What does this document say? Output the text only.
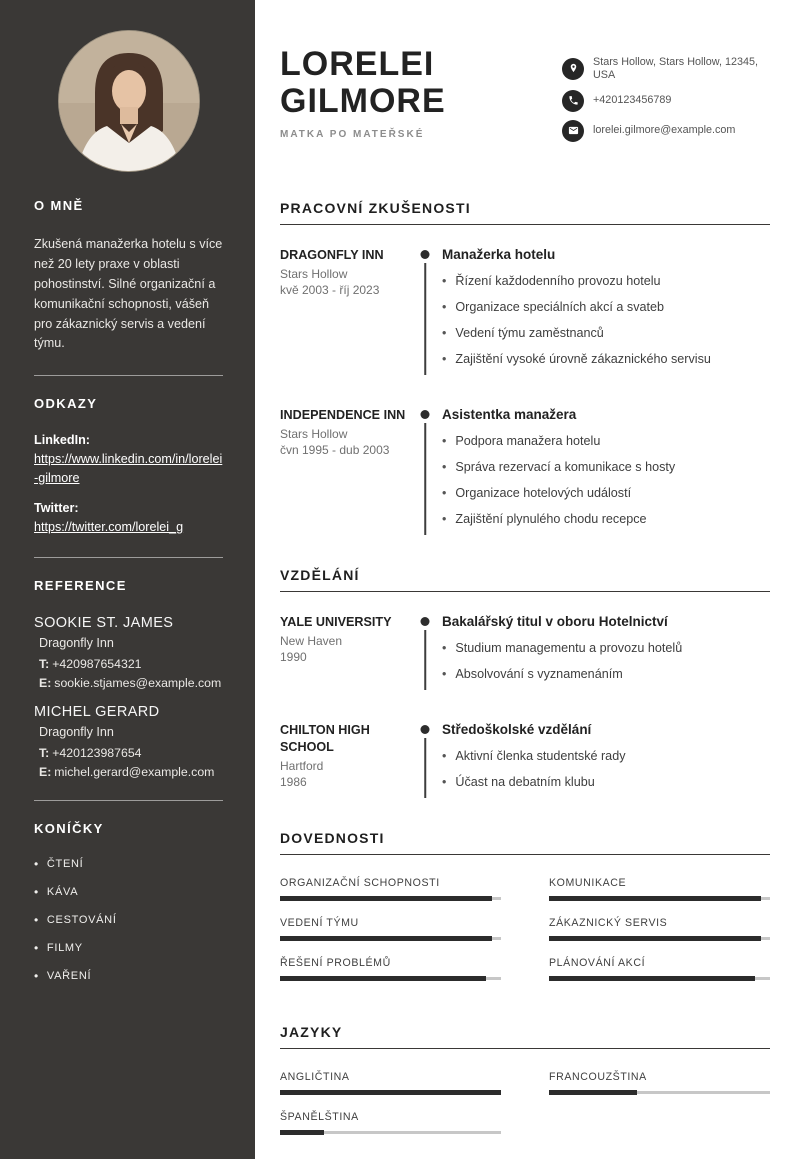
O MNĚ

Zkušená manažerka hotelu s více než 20 lety praxe v oblasti pohostinství. Silné organizační a komunikační schopnosti, vášeň pro zákaznický servis a vedení týmu.

ODKAZY
LinkedIn:
https://www.linkedin.com/in/lorelei-gilmore
Twitter:
https://twitter.com/lorelei_g
REFERENCE
SOOKIE ST. JAMES
Dragonfly Inn
T: +420987654321
E: sookie.stjames@example.com
MICHEL GERARD
Dragonfly Inn
T: +420123987654
E: michel.gerard@example.com
KONÍČKY
• ČTENÍ
• KÁVA
• CESTOVÁNÍ
• FILMY
• VAŘENÍ
LORELEI
GILMORE
MATKA PO MATEŘSKÉ
Stars Hollow, Stars Hollow, 12345, USA
+420123456789
lorelei.gilmore@example.com
PRACOVNÍ ZKUŠENOSTI
DRAGONFLY INN
Stars Hollow
kvě 2003 - říj 2023
Manažerka hotelu
• Řízení každodenního provozu hotelu
• Organizace speciálních akcí a svateb
• Vedení týmu zaměstnanců
• Zajištění vysoké úrovně zákaznického servisu
INDEPENDENCE INN
Stars Hollow
čvn 1995 - dub 2003
Asistentka manažera
• Podpora manažera hotelu
• Správa rezervací a komunikace s hosty
• Organizace hotelových událostí
• Zajištění plynulého chodu recepce
VZDĚLÁNÍ
YALE UNIVERSITY
New Haven
1990
Bakalářský titul v oboru Hotelnictví
• Studium managementu a provozu hotelů
• Absolvování s vyznamenáním
CHILTON HIGH SCHOOL
Hartford
1986
Středoškolské vzdělání
• Aktivní členka studentské rady
• Účast na debatním klubu
DOVEDNOSTI
ORGANIZAČNÍ SCHOPNOSTI	KOMUNIKACE
VEDENÍ TÝMU	ZÁKAZNICKÝ SERVIS
ŘEŠENÍ PROBLÉMŮ	PLÁNOVÁNÍ AKCÍ
JAZYKY
ANGLIČTINA	FRANCOUZŠTINA
ŠPANĚLŠTINA
